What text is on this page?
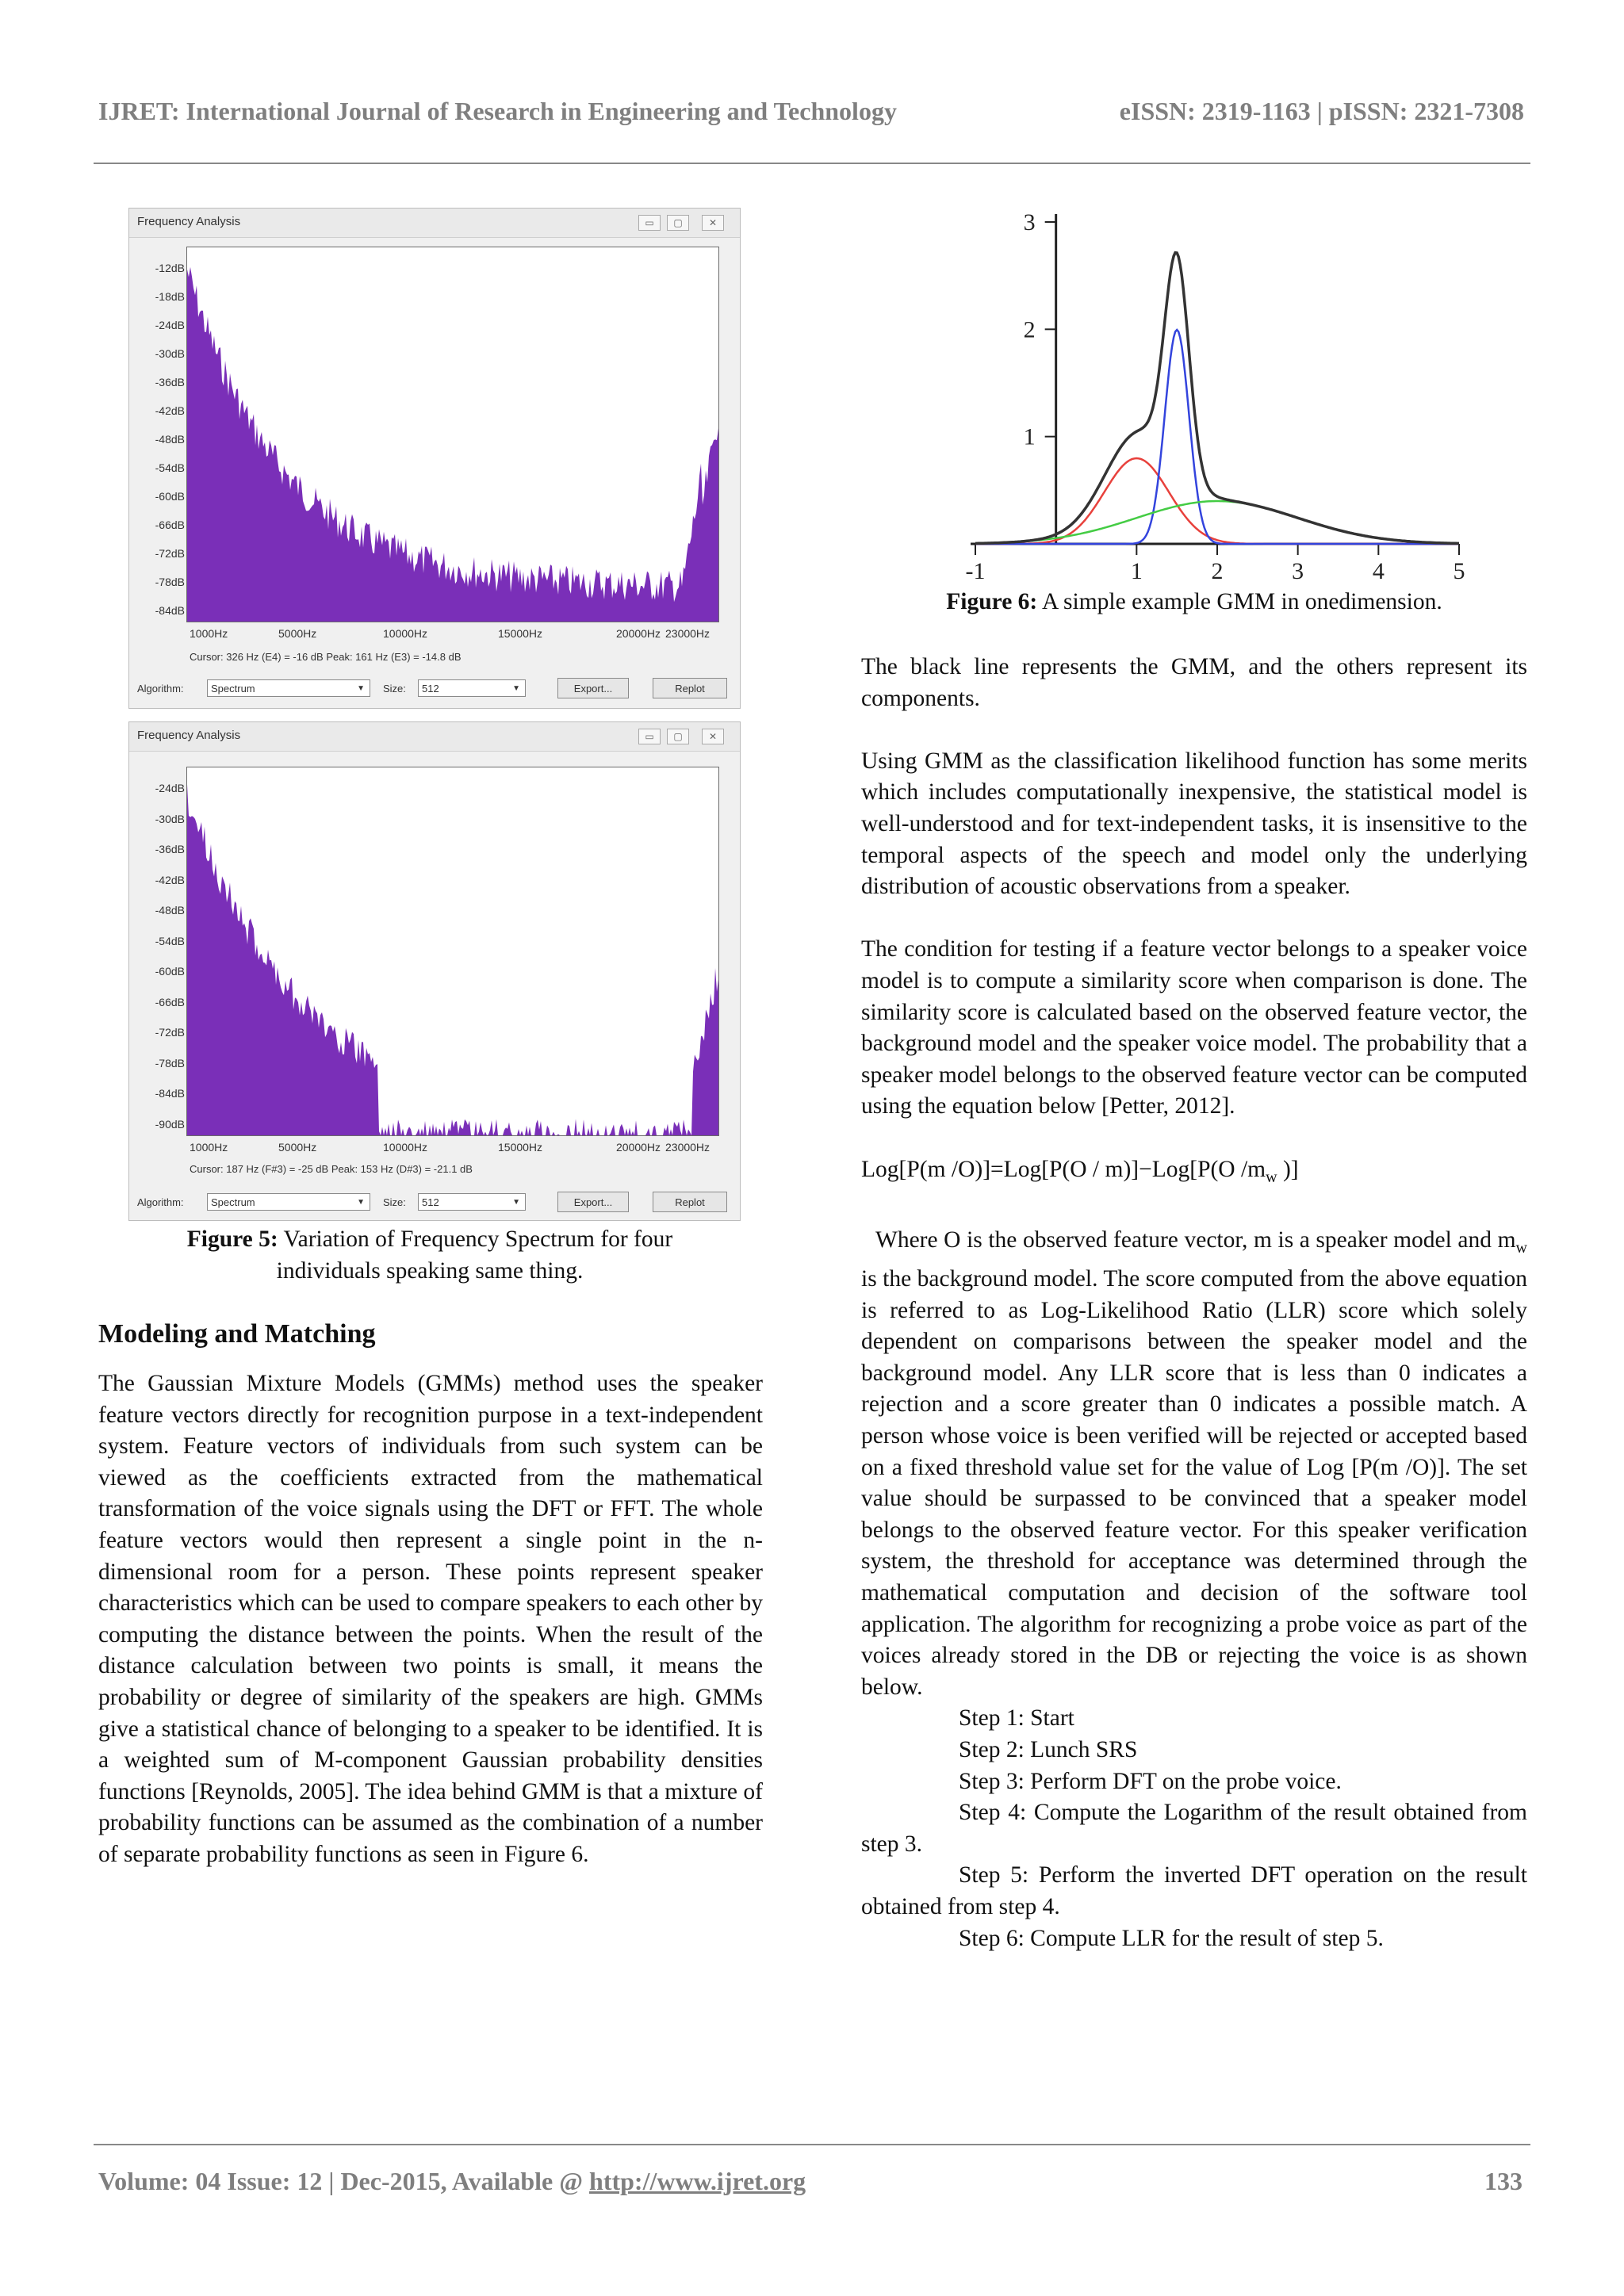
IJRET: International Journal of Research in Engineering and Technology	eISSN: 2319-1163 | pISSN: 2321-7308
Frequency Analysis	▭	▢	✕
-12dB
-18dB
-24dB
-30dB
-36dB
-42dB
-48dB
-54dB
-60dB
-66dB
-72dB
-78dB
-84dB
1000Hz	5000Hz	10000Hz	15000Hz	20000Hz 23000Hz
Cursor: 326 Hz (E4) = -16 dB Peak: 161 Hz (E3) = -14.8 dB
Algorithm:	Spectrum	▼ Size:	512	▼	Export...	Replot
Frequency Analysis	▭	▢	✕
-24dB
-30dB
-36dB
-42dB
-48dB
-54dB
-60dB
-66dB
-72dB
-78dB
-84dB
-90dB
1000Hz	5000Hz	10000Hz	15000Hz	20000Hz 23000Hz
Cursor: 187 Hz (F#3) = -25 dB Peak: 153 Hz (D#3) = -21.1 dB
Algorithm:	Spectrum	▼ Size:	512	▼	Export...	Replot
Figure 5: Variation of Frequency Spectrum for four
individuals speaking same thing.
Modeling and Matching

The Gaussian Mixture Models (GMMs) method uses the speaker feature vectors directly for recognition purpose in a text-independent system. Feature vectors of individuals from such system can be viewed as the coefficients extracted from the mathematical transformation of the voice signals using the DFT or FFT. The whole feature vectors would then represent a single point in the n-dimensional room for a person. These points represent speaker characteristics which can be used to compare speakers to each other by computing the distance between the points. When the result of the distance calculation between two points is small, it means the probability or degree of similarity of the speakers are high. GMMs give a statistical chance of belonging to a speaker to be identified. It is a weighted sum of M-component Gaussian probability densities functions [Reynolds, 2005]. The idea behind GMM is that a mixture of probability functions can be assumed as the combination of a number of separate probability functions as seen in Figure 6.

-1	1	2	3	4	5
1
2
3
Figure 6: A simple example GMM in onedimension.

The black line represents the GMM, and the others represent its components.

Using GMM as the classification likelihood function has some merits which includes computationally inexpensive, the statistical model is well-understood and for text-independent tasks, it is insensitive to the temporal aspects of the speech and model only the underlying distribution of acoustic observations from a speaker.

The condition for testing if a feature vector belongs to a speaker voice model is to compute a similarity score when comparison is done. The similarity score is calculated based on the observed feature vector, the background model and the speaker voice model. The probability that a speaker model belongs to the observed feature vector can be computed using the equation below [Petter, 2012].

Log[P(m /O)]=Log[P(O / m)]−Log[P(O $/m_w$ )]

Where O is the observed feature vector, m is a speaker model and $m_w$ is the background model. The score computed from the above equation is referred to as Log-Likelihood Ratio (LLR) score which solely dependent on comparisons between the speaker model and the background model. Any LLR score that is less than 0 indicates a rejection and a score greater than 0 indicates a possible match. A person whose voice is been verified will be rejected or accepted based on a fixed threshold value set for the value of Log [P(m /O)]. The set value should be surpassed to be convinced that a speaker model belongs to the observed feature vector. For this speaker verification system, the threshold for acceptance was determined through the mathematical computation and decision of the software tool application. The algorithm for recognizing a probe voice as part of the voices already stored in the DB or rejecting the voice is as shown below.

Step 1: Start

Step 2: Lunch SRS

Step 3: Perform DFT on the probe voice.

Step 4: Compute the Logarithm of the result obtained from step 3.

Step 5: Perform the inverted DFT operation on the result obtained from step 4.

Step 6: Compute LLR for the result of step 5.

Volume: 04 Issue: 12 | Dec-2015, Available @ http://www.ijret.org	133
